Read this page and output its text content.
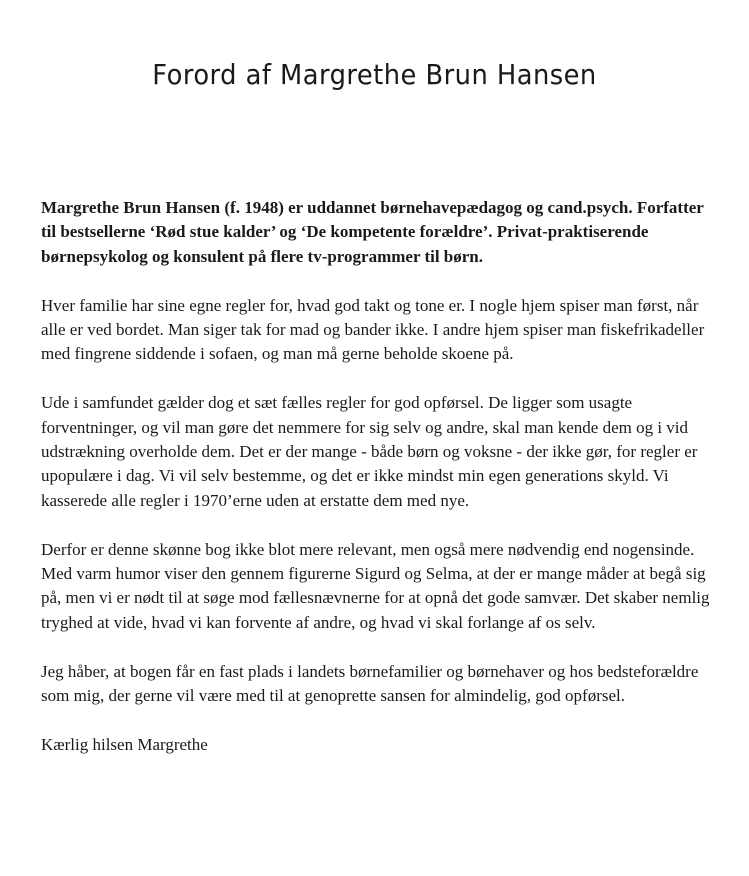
Forord af Margrethe Brun Hansen

Margrethe Brun Hansen (f. 1948) er uddannet børnehavepædagog og cand.psych. Forfatter til bestsellerne ‘Rød stue kalder’ og ‘De kompetente forældre’. Privat-praktiserende børnepsykolog og konsulent på flere tv-programmer til børn.

Hver familie har sine egne regler for, hvad god takt og tone er. I nogle hjem spiser man først, når alle er ved bordet. Man siger tak for mad og bander ikke. I andre hjem spiser man fiskefrikadeller med fingrene siddende i sofaen, og man må gerne beholde skoene på.

Ude i samfundet gælder dog et sæt fælles regler for god opførsel. De ligger som usagte forventninger, og vil man gøre det nemmere for sig selv og andre, skal man kende dem og i vid udstrækning overholde dem. Det er der mange - både børn og voksne - der ikke gør, for regler er upopulære i dag. Vi vil selv bestemme, og det er ikke mindst min egen generations skyld. Vi kasserede alle regler i 1970’erne uden at erstatte dem med nye.

Derfor er denne skønne bog ikke blot mere relevant, men også mere nødvendig end nogensinde. Med varm humor viser den gennem figurerne Sigurd og Selma, at der er mange måder at begå sig på, men vi er nødt til at søge mod fællesnævnerne for at opnå det gode samvær. Det skaber nemlig tryghed at vide, hvad vi kan forvente af andre, og hvad vi skal forlange af os selv.

Jeg håber, at bogen får en fast plads i landets børnefamilier og børnehaver og hos bedsteforældre som mig, der gerne vil være med til at genoprette sansen for almindelig, god opførsel.

Kærlig hilsen Margrethe
